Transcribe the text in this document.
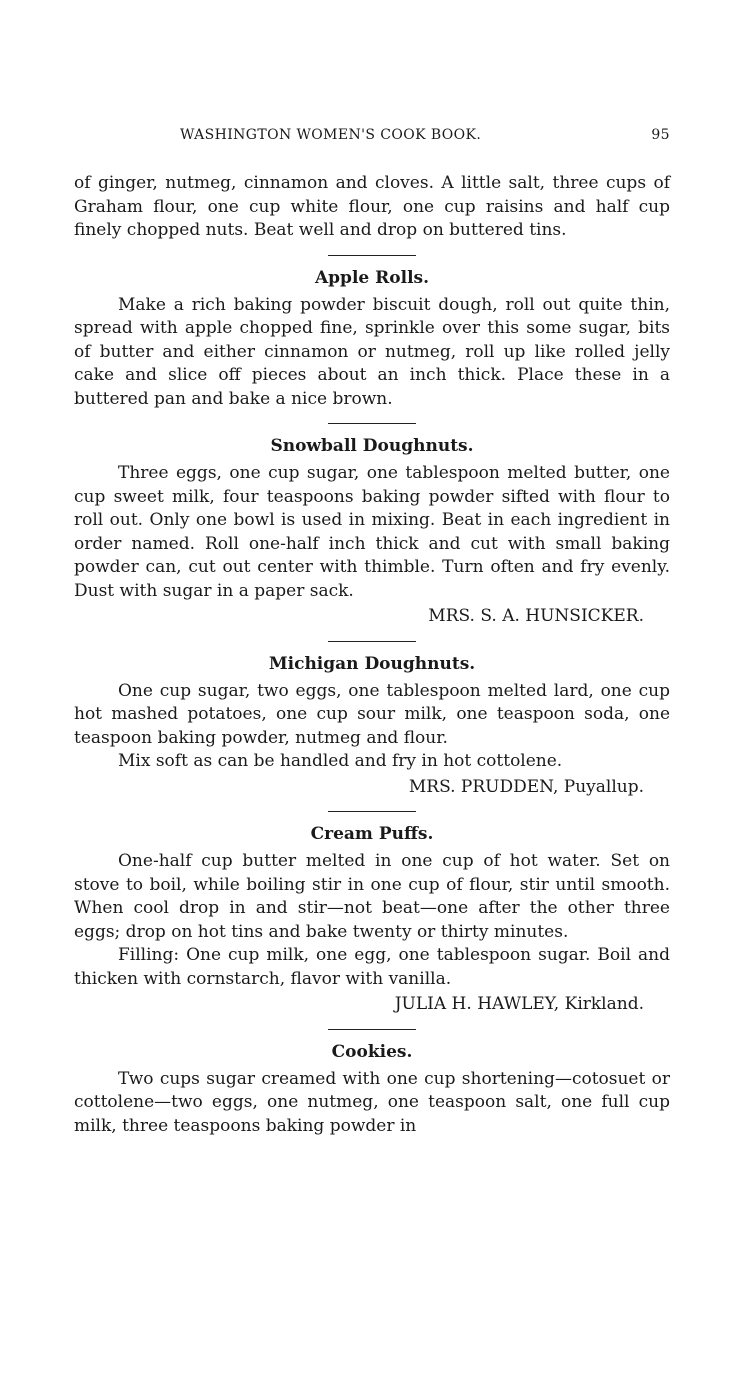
WASHINGTON WOMEN'S COOK BOOK.	95

of ginger, nutmeg, cinnamon and cloves. A little salt, three cups of Graham flour, one cup white flour, one cup raisins and half cup finely chopped nuts. Beat well and drop on buttered tins.

Apple Rolls.

Make a rich baking powder biscuit dough, roll out quite thin, spread with apple chopped fine, sprinkle over this some sugar, bits of butter and either cinnamon or nutmeg, roll up like rolled jelly cake and slice off pieces about an inch thick. Place these in a buttered pan and bake a nice brown.

Snowball Doughnuts.

Three eggs, one cup sugar, one tablespoon melted butter, one cup sweet milk, four teaspoons baking powder sifted with flour to roll out. Only one bowl is used in mixing. Beat in each ingredient in order named. Roll one-half inch thick and cut with small baking powder can, cut out center with thimble. Turn often and fry evenly. Dust with sugar in a paper sack.

MRS. S. A. HUNSICKER.
Michigan Doughnuts.

One cup sugar, two eggs, one tablespoon melted lard, one cup hot mashed potatoes, one cup sour milk, one teaspoon soda, one teaspoon baking powder, nutmeg and flour.

Mix soft as can be handled and fry in hot cottolene.

MRS. PRUDDEN, Puyallup.
Cream Puffs.

One-half cup butter melted in one cup of hot water. Set on stove to boil, while boiling stir in one cup of flour, stir until smooth. When cool drop in and stir—not beat—one after the other three eggs; drop on hot tins and bake twenty or thirty minutes.

Filling: One cup milk, one egg, one tablespoon sugar. Boil and thicken with cornstarch, flavor with vanilla.

JULIA H. HAWLEY, Kirkland.
Cookies.

Two cups sugar creamed with one cup shortening—cotosuet or cottolene—two eggs, one nutmeg, one teaspoon salt, one full cup milk, three teaspoons baking powder in
